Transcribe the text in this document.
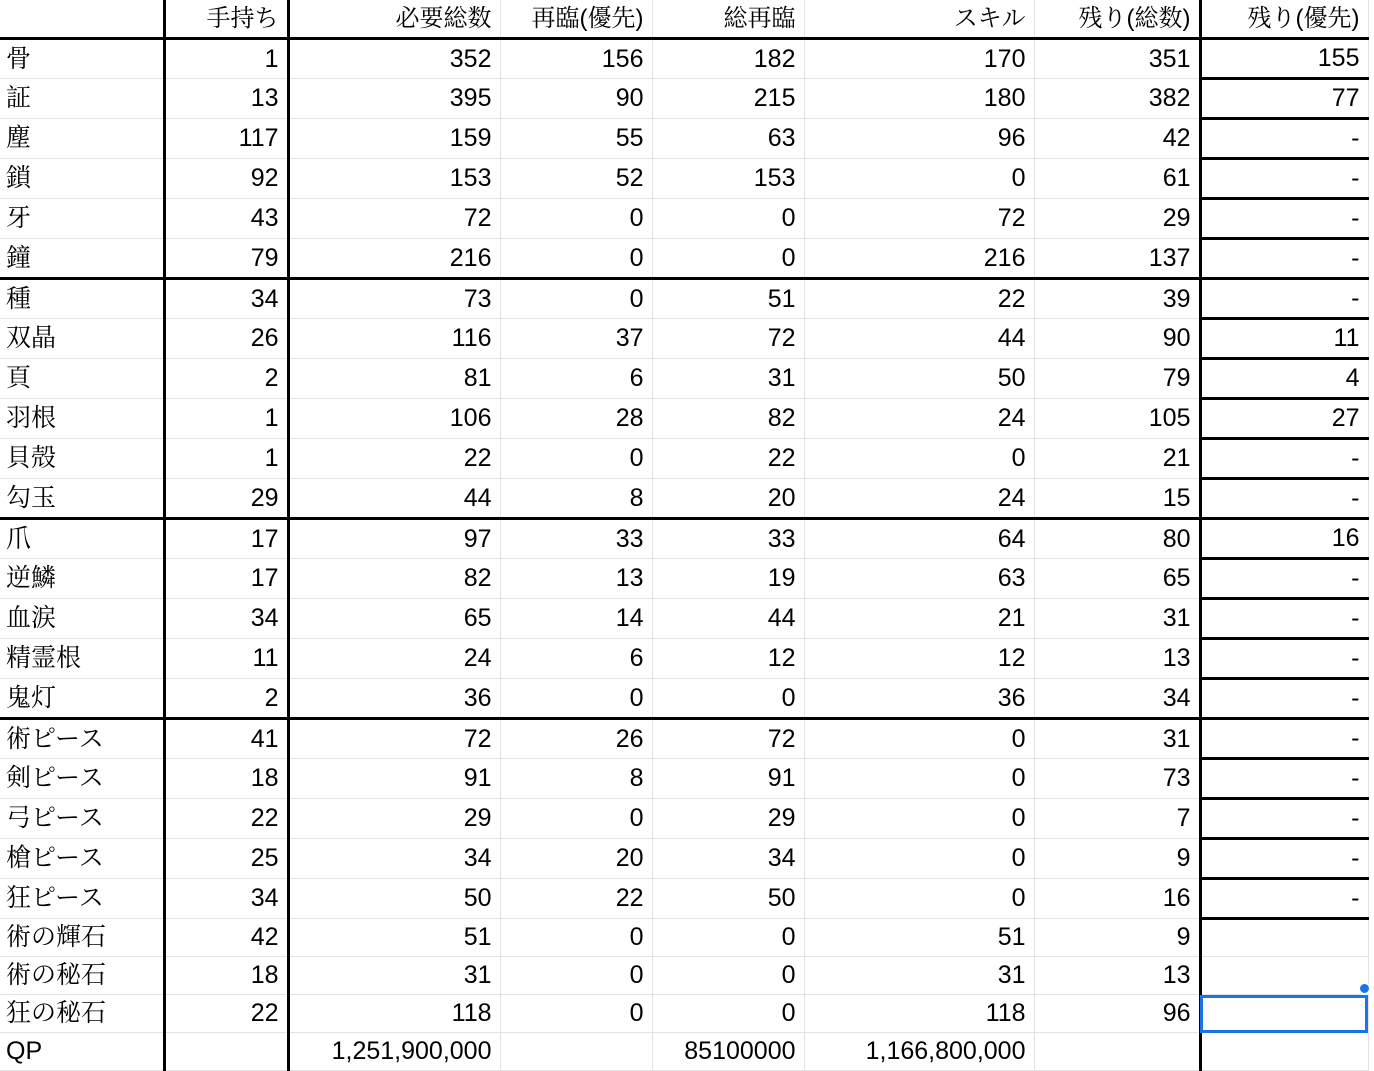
	手持ち	必要総数	再臨(優先)	総再臨	スキル	残り(総数)	残り(優先)
骨	1	352	156	182	170	351	155
証	13	395	90	215	180	382	77
塵	117	159	55	63	96	42	-
鎖	92	153	52	153	0	61	-
牙	43	72	0	0	72	29	-
鐘	79	216	0	0	216	137	-
種	34	73	0	51	22	39	-
双晶	26	116	37	72	44	90	11
頁	2	81	6	31	50	79	4
羽根	1	106	28	82	24	105	27
貝殻	1	22	0	22	0	21	-
勾玉	29	44	8	20	24	15	-
爪	17	97	33	33	64	80	16
逆鱗	17	82	13	19	63	65	-
血涙	34	65	14	44	21	31	-
精霊根	11	24	6	12	12	13	-
鬼灯	2	36	0	0	36	34	-
術ピース	41	72	26	72	0	31	-
剣ピース	18	91	8	91	0	73	-
弓ピース	22	29	0	29	0	7	-
槍ピース	25	34	20	34	0	9	-
狂ピース	34	50	22	50	0	16	-
術の輝石	42	51	0	0	51	9	
術の秘石	18	31	0	0	31	13	
狂の秘石	22	118	0	0	118	96	
QP		1,251,900,000		85100000	1,166,800,000		
